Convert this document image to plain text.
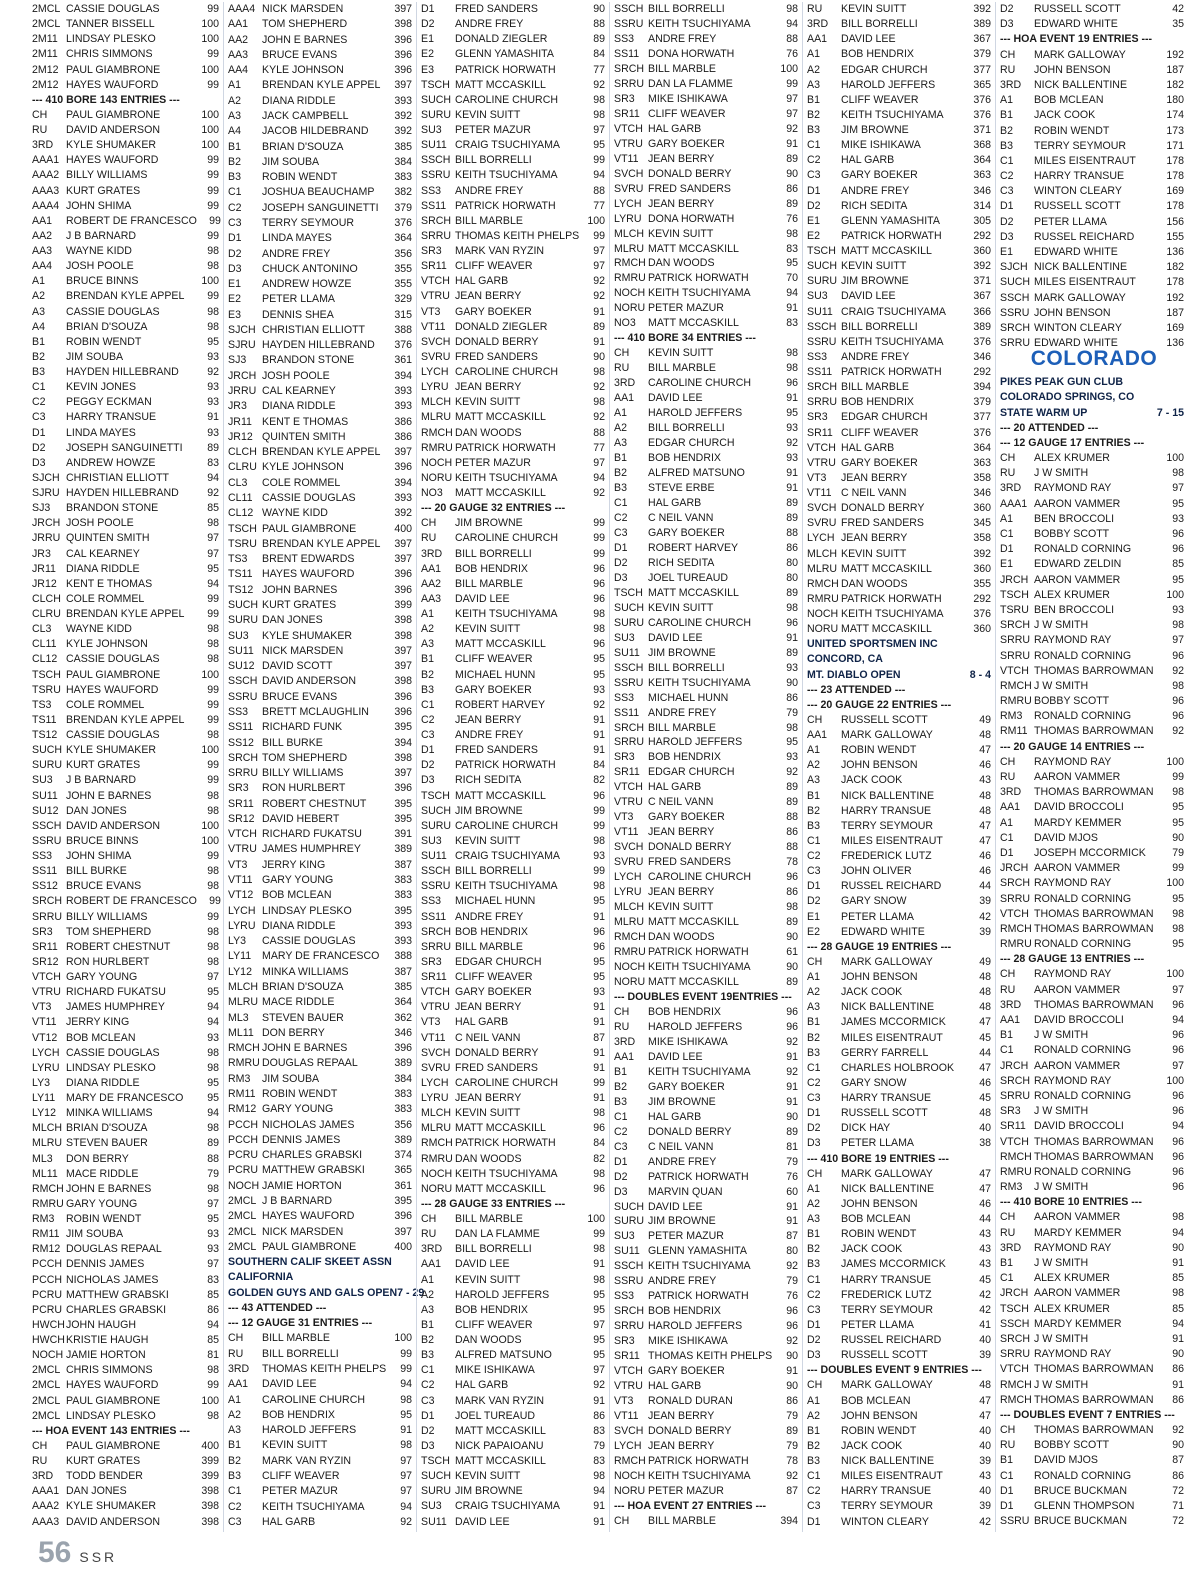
2MCL CASSIE DOUGLAS	99
2MCL TANNER BISSELL	100
2M11 LINDSAY PLESKO	100
2M11 CHRIS SIMMONS	99
2M12 PAUL GIAMBRONE	100
2M12 HAYES WAUFORD	99
--- 410 BORE 143 ENTRIES ---
CH	PAUL GIAMBRONE	100
RU	DAVID ANDERSON	100
3RD	KYLE SHUMAKER	100
AAA1 HAYES WAUFORD	99
AAA2 BILLY WILLIAMS	99
AAA3 KURT GRATES	99
AAA4 JOHN SHIMA	99
AA1	ROBERT DE FRANCESCO	99
AA2	J B BARNARD	99
AA3	WAYNE KIDD	98
AA4	JOSH POOLE	98
A1	BRUCE BINNS	100
A2	BRENDAN KYLE APPEL	99
A3	CASSIE DOUGLAS	98
A4	BRIAN D'SOUZA	98
B1	ROBIN WENDT	95
B2	JIM SOUBA	93
B3	HAYDEN HILLEBRAND	92
C1	KEVIN JONES	93
C2	PEGGY ECKMAN	93
C3	HARRY TRANSUE	91
D1	LINDA MAYES	93
D2	JOSEPH SANGUINETTI	89
D3	ANDREW HOWZE	83
SJCH CHRISTIAN ELLIOTT	94
SJRU HAYDEN HILLEBRAND	92
SJ3	BRANDON STONE	85
JRCH JOSH POOLE	98
JRRU QUINTEN SMITH	97
JR3	CAL KEARNEY	97
JR11 DIANA RIDDLE	95
JR12 KENT E THOMAS	94
CLCH COLE ROMMEL	99
CLRU BRENDAN KYLE APPEL	99
CL3	WAYNE KIDD	98
CL11 KYLE JOHNSON	98
CL12 CASSIE DOUGLAS	98
TSCH PAUL GIAMBRONE	100
TSRU HAYES WAUFORD	99
TS3	COLE ROMMEL	99
TS11 BRENDAN KYLE APPEL	99
TS12 CASSIE DOUGLAS	98
SUCH KYLE SHUMAKER	100
SURU KURT GRATES	99
SU3	J B BARNARD	99
SU11 JOHN E BARNES	98
SU12 DAN JONES	98
SSCH DAVID ANDERSON	100
SSRU BRUCE BINNS	100
SS3	JOHN SHIMA	99
SS11 BILL BURKE	98
SS12 BRUCE EVANS	98
SRCH ROBERT DE FRANCESCO	99
SRRU BILLY WILLIAMS	99
SR3	TOM SHEPHERD	98
SR11 ROBERT CHESTNUT	98
SR12 RON HURLBERT	98
VTCH GARY YOUNG	97
VTRU RICHARD FUKATSU	95
VT3	JAMES HUMPHREY	94
VT11 JERRY KING	94
VT12 BOB MCLEAN	93
LYCH CASSIE DOUGLAS	98
LYRU LINDSAY PLESKO	98
LY3	DIANA RIDDLE	95
LY11	MARY DE FRANCESCO	95
LY12 MINKA WILLIAMS	94
MLCH BRIAN D'SOUZA	98
MLRU STEVEN BAUER	89
ML3	DON BERRY	88
ML11 MACE RIDDLE	79
RMCH JOHN E BARNES	98
RMRU GARY YOUNG	97
RM3	ROBIN WENDT	95
RM11 JIM SOUBA	93
RM12 DOUGLAS REPAAL	93
PCCH DENNIS JAMES	97
PCCH NICHOLAS JAMES	83
PCRU MATTHEW GRABSKI	85
PCRU CHARLES GRABSKI	86
HWCH JOHN HAUGH	94
HWCH KRISTIE HAUGH	85
NOCH JAMIE HORTON	81
2MCL CHRIS SIMMONS	98
2MCL HAYES WAUFORD	99
2MCL PAUL GIAMBRONE	100
2MCL LINDSAY PLESKO	98
--- HOA EVENT 143 ENTRIES ---
CH	PAUL GIAMBRONE	400
RU	KURT GRATES	399
3RD	TODD BENDER	399
AAA1 DAN JONES	398
AAA2 KYLE SHUMAKER	398
AAA3 DAVID ANDERSON	398
AAA4 NICK MARSDEN	397
AA1	TOM SHEPHERD	398
AA2	JOHN E BARNES	396
AA3	BRUCE EVANS	396
AA4	KYLE JOHNSON	396
A1	BRENDAN KYLE APPEL	397
A2	DIANA RIDDLE	393
A3	JACK CAMPBELL	392
A4	JACOB HILDEBRAND	392
B1	BRIAN D'SOUZA	385
B2	JIM SOUBA	384
B3	ROBIN WENDT	383
C1	JOSHUA BEAUCHAMP	382
C2	JOSEPH SANGUINETTI	379
C3	TERRY SEYMOUR	376
D1	LINDA MAYES	364
D2	ANDRE FREY	356
D3	CHUCK ANTONINO	355
E1	ANDREW HOWZE	355
E2	PETER LLAMA	329
E3	DENNIS SHEA	315
SJCH CHRISTIAN ELLIOTT	388
SJRU HAYDEN HILLEBRAND	376
SJ3	BRANDON STONE	361
JRCH JOSH POOLE	394
JRRU CAL KEARNEY	393
JR3	DIANA RIDDLE	393
JR11 KENT E THOMAS	386
JR12 QUINTEN SMITH	386
CLCH BRENDAN KYLE APPEL	397
CLRU KYLE JOHNSON	396
CL3	COLE ROMMEL	394
CL11 CASSIE DOUGLAS	393
CL12 WAYNE KIDD	392
TSCH PAUL GIAMBRONE	400
TSRU BRENDAN KYLE APPEL	397
TS3	BRENT EDWARDS	397
TS11 HAYES WAUFORD	396
TS12 JOHN BARNES	396
SUCH KURT GRATES	399
SURU DAN JONES	398
SU3	KYLE SHUMAKER	398
SU11 NICK MARSDEN	397
SU12 DAVID SCOTT	397
SSCH DAVID ANDERSON	398
SSRU BRUCE EVANS	396
SS3	BRETT MCLAUGHLIN	396
SS11 RICHARD FUNK	395
SS12 BILL BURKE	394
SRCH TOM SHEPHERD	398
SRRU BILLY WILLIAMS	397
SR3	RON HURLBERT	396
SR11 ROBERT CHESTNUT	395
SR12 DAVID HEBERT	395
VTCH RICHARD FUKATSU	391
VTRU JAMES HUMPHREY	389
VT3	JERRY KING	387
VT11 GARY YOUNG	383
VT12 BOB MCLEAN	383
LYCH LINDSAY PLESKO	395
LYRU DIANA RIDDLE	393
LY3	CASSIE DOUGLAS	393
LY11	MARY DE FRANCESCO	388
LY12 MINKA WILLIAMS	387
MLCH BRIAN D'SOUZA	385
MLRU MACE RIDDLE	364
ML3	STEVEN BAUER	362
ML11 DON BERRY	346
RMCH JOHN E BARNES	396
RMRU DOUGLAS REPAAL	389
RM3	JIM SOUBA	384
RM11 ROBIN WENDT	383
RM12 GARY YOUNG	383
PCCH NICHOLAS JAMES	356
PCCH DENNIS JAMES	389
PCRU CHARLES GRABSKI	374
PCRU MATTHEW GRABSKI	365
NOCH JAMIE HORTON	361
2MCL J B BARNARD	395
2MCL HAYES WAUFORD	396
2MCL NICK MARSDEN	397
2MCL PAUL GIAMBRONE	400
SOUTHERN CALIF SKEET ASSN
CALIFORNIA
GOLDEN GUYS AND GALS OPEN 7 - 29
--- 43 ATTENDED ---
--- 12 GAUGE 31 ENTRIES ---
CH	BILL MARBLE	100
RU	BILL BORRELLI	99
3RD	THOMAS KEITH PHELPS	99
AA1	DAVID LEE	94
A1	CAROLINE CHURCH	98
A2	BOB HENDRIX	95
A3	HAROLD JEFFERS	91
B1	KEVIN SUITT	98
B2	MARK VAN RYZIN	97
B3	CLIFF WEAVER	97
C1	PETER MAZUR	97
C2	KEITH TSUCHIYAMA	94
C3	HAL GARB	92
D1	FRED SANDERS	90
D2	ANDRE FREY	88
E1	DONALD ZIEGLER	89
E2	GLENN YAMASHITA	84
E3	PATRICK HORWATH	77
TSCH MATT MCCASKILL	92
SUCH CAROLINE CHURCH	98
SURU KEVIN SUITT	98
SU3	PETER MAZUR	97
SU11 CRAIG TSUCHIYAMA	95
SSCH BILL BORRELLI	99
SSRU KEITH TSUCHIYAMA	94
SS3	ANDRE FREY	88
SS11 PATRICK HORWATH	77
SRCH BILL MARBLE	100
SRRU THOMAS KEITH PHELPS	99
SR3	MARK VAN RYZIN	97
SR11 CLIFF WEAVER	97
VTCH HAL GARB	92
VTRU JEAN BERRY	92
VT3	GARY BOEKER	91
VT11 DONALD ZIEGLER	89
SVCH DONALD BERRY	91
SVRU FRED SANDERS	90
LYCH CAROLINE CHURCH	98
LYRU JEAN BERRY	92
MLCH KEVIN SUITT	98
MLRU MATT MCCASKILL	92
RMCH DAN WOODS	88
RMRU PATRICK HORWATH	77
NOCH PETER MAZUR	97
NORU KEITH TSUCHIYAMA	94
NO3	MATT MCCASKILL	92
--- 20 GAUGE 32 ENTRIES ---
CH	JIM BROWNE	99
RU	CAROLINE CHURCH	99
3RD	BILL BORRELLI	99
AA1	BOB HENDRIX	96
AA2	BILL MARBLE	96
AA3	DAVID LEE	96
A1	KEITH TSUCHIYAMA	98
A2	KEVIN SUITT	98
A3	MATT MCCASKILL	96
B1	CLIFF WEAVER	95
B2	MICHAEL HUNN	95
B3	GARY BOEKER	93
C1	ROBERT HARVEY	92
C2	JEAN BERRY	91
C3	ANDRE FREY	91
D1	FRED SANDERS	91
D2	PATRICK HORWATH	84
D3	RICH SEDITA	82
TSCH MATT MCCASKILL	96
SUCH JIM BROWNE	99
SURU CAROLINE CHURCH	99
SU3	KEVIN SUITT	98
SU11 CRAIG TSUCHIYAMA	93
SSCH BILL BORRELLI	99
SSRU KEITH TSUCHIYAMA	98
SS3	MICHAEL HUNN	95
SS11 ANDRE FREY	91
SRCH BOB HENDRIX	96
SRRU BILL MARBLE	96
SR3	EDGAR CHURCH	95
SR11 CLIFF WEAVER	95
VTCH GARY BOEKER	93
VTRU JEAN BERRY	91
VT3	HAL GARB	91
VT11 C NEIL VANN	87
SVCH DONALD BERRY	91
SVRU FRED SANDERS	91
LYCH CAROLINE CHURCH	99
LYRU JEAN BERRY	91
MLCH KEVIN SUITT	98
MLRU MATT MCCASKILL	96
RMCH PATRICK HORWATH	84
RMRU DAN WOODS	82
NOCH KEITH TSUCHIYAMA	98
NORU MATT MCCASKILL	96
--- 28 GAUGE 33 ENTRIES ---
CH	BILL MARBLE	100
RU	DAN LA FLAMME	99
3RD	BILL BORRELLI	98
AA1	DAVID LEE	91
A1	KEVIN SUITT	98
A2	HAROLD JEFFERS	95
A3	BOB HENDRIX	95
B1	CLIFF WEAVER	97
B2	DAN WOODS	95
B3	ALFRED MATSUNO	95
C1	MIKE ISHIKAWA	97
C2	HAL GARB	92
C3	MARK VAN RYZIN	91
D1	JOEL TUREAUD	86
D2	MATT MCCASKILL	83
D3	NICK PAPAIOANU	79
TSCH MATT MCCASKILL	83
SUCH KEVIN SUITT	98
SURU JIM BROWNE	94
SU3	CRAIG TSUCHIYAMA	91
SU11 DAVID LEE	91
SSCH BILL BORRELLI	98
SSRU KEITH TSUCHIYAMA	94
SS3	ANDRE FREY	88
SS11 DONA HORWATH	76
SRCH BILL MARBLE	100
SRRU DAN LA FLAMME	99
SR3	MIKE ISHIKAWA	97
SR11 CLIFF WEAVER	97
VTCH HAL GARB	92
VTRU GARY BOEKER	91
VT11 JEAN BERRY	89
SVCH DONALD BERRY	90
SVRU FRED SANDERS	86
LYCH JEAN BERRY	89
LYRU DONA HORWATH	76
MLCH KEVIN SUITT	98
MLRU MATT MCCASKILL	83
RMCH DAN WOODS	95
RMRU PATRICK HORWATH	70
NOCH KEITH TSUCHIYAMA	94
NORU PETER MAZUR	91
NO3	MATT MCCASKILL	83
--- 410 BORE 34 ENTRIES ---
CH	KEVIN SUITT	98
RU	BILL MARBLE	98
3RD	CAROLINE CHURCH	96
AA1	DAVID LEE	91
A1	HAROLD JEFFERS	95
A2	BILL BORRELLI	93
A3	EDGAR CHURCH	92
B1	BOB HENDRIX	93
B2	ALFRED MATSUNO	91
B3	STEVE ERBE	91
C1	HAL GARB	89
C2	C NEIL VANN	89
C3	GARY BOEKER	88
D1	ROBERT HARVEY	86
D2	RICH SEDITA	80
D3	JOEL TUREAUD	80
TSCH MATT MCCASKILL	89
SUCH KEVIN SUITT	98
SURU CAROLINE CHURCH	96
SU3	DAVID LEE	91
SU11 JIM BROWNE	89
SSCH BILL BORRELLI	93
SSRU KEITH TSUCHIYAMA	90
SS3	MICHAEL HUNN	86
SS11 ANDRE FREY	79
SRCH BILL MARBLE	98
SRRU HAROLD JEFFERS	95
SR3	BOB HENDRIX	93
SR11 EDGAR CHURCH	92
VTCH HAL GARB	89
VTRU C NEIL VANN	89
VT3	GARY BOEKER	88
VT11 JEAN BERRY	86
SVCH DONALD BERRY	88
SVRU FRED SANDERS	78
LYCH CAROLINE CHURCH	96
LYRU JEAN BERRY	86
MLCH KEVIN SUITT	98
MLRU MATT MCCASKILL	89
RMCH DAN WOODS	90
RMRU PATRICK HORWATH	61
NOCH KEITH TSUCHIYAMA	90
NORU MATT MCCASKILL	89
--- DOUBLES EVENT 19ENTRIES ---
CH	BOB HENDRIX	96
RU	HAROLD JEFFERS	96
3RD	MIKE ISHIKAWA	92
AA1	DAVID LEE	91
B1	KEITH TSUCHIYAMA	92
B2	GARY BOEKER	91
B3	JIM BROWNE	91
C1	HAL GARB	90
C2	DONALD BERRY	89
C3	C NEIL VANN	81
D1	ANDRE FREY	79
D2	PATRICK HORWATH	76
D3	MARVIN QUAN	60
SUCH DAVID LEE	91
SURU JIM BROWNE	91
SU3	PETER MAZUR	87
SU11 GLENN YAMASHITA	80
SSCH KEITH TSUCHIYAMA	92
SSRU ANDRE FREY	79
SS3	PATRICK HORWATH	76
SRCH BOB HENDRIX	96
SRRU HAROLD JEFFERS	96
SR3	MIKE ISHIKAWA	92
SR11 THOMAS KEITH PHELPS	90
VTCH GARY BOEKER	91
VTRU HAL GARB	90
VT3	RONALD DURAN	86
VT11 JEAN BERRY	79
SVCH DONALD BERRY	89
LYCH JEAN BERRY	79
RMCH PATRICK HORWATH	78
NOCH KEITH TSUCHIYAMA	92
NORU PETER MAZUR	87
--- HOA EVENT 27 ENTRIES ---
CH	BILL MARBLE	394
RU	KEVIN SUITT	392
3RD	BILL BORRELLI	389
AA1	DAVID LEE	367
A1	BOB HENDRIX	379
A2	EDGAR CHURCH	377
A3	HAROLD JEFFERS	365
B1	CLIFF WEAVER	376
B2	KEITH TSUCHIYAMA	376
B3	JIM BROWNE	371
C1	MIKE ISHIKAWA	368
C2	HAL GARB	364
C3	GARY BOEKER	363
D1	ANDRE FREY	346
D2	RICH SEDITA	314
E1	GLENN YAMASHITA	305
E2	PATRICK HORWATH	292
TSCH MATT MCCASKILL	360
SUCH KEVIN SUITT	392
SURU JIM BROWNE	371
SU3	DAVID LEE	367
SU11 CRAIG TSUCHIYAMA	366
SSCH BILL BORRELLI	389
SSRU KEITH TSUCHIYAMA	376
SS3	ANDRE FREY	346
SS11 PATRICK HORWATH	292
SRCH BILL MARBLE	394
SRRU BOB HENDRIX	379
SR3	EDGAR CHURCH	377
SR11 CLIFF WEAVER	376
VTCH HAL GARB	364
VTRU GARY BOEKER	363
VT3	JEAN BERRY	358
VT11 C NEIL VANN	346
SVCH DONALD BERRY	360
SVRU FRED SANDERS	345
LYCH JEAN BERRY	358
MLCH KEVIN SUITT	392
MLRU MATT MCCASKILL	360
RMCH DAN WOODS	355
RMRU PATRICK HORWATH	292
NOCH KEITH TSUCHIYAMA	376
NORU MATT MCCASKILL	360
UNITED SPORTSMEN INC
CONCORD, CA
MT. DIABLO OPEN	8 - 4
--- 23 ATTENDED ---
--- 20 GAUGE 22 ENTRIES ---
CH	RUSSELL SCOTT	49
AA1	MARK GALLOWAY	48
A1	ROBIN WENDT	47
A2	JOHN BENSON	46
A3	JACK COOK	43
B1	NICK BALLENTINE	48
B2	HARRY TRANSUE	48
B3	TERRY SEYMOUR	47
C1	MILES EISENTRAUT	47
C2	FREDERICK LUTZ	46
C3	JOHN OLIVER	46
D1	RUSSEL REICHARD	44
D2	GARY SNOW	39
E1	PETER LLAMA	42
E2	EDWARD WHITE	39
--- 28 GAUGE 19 ENTRIES ---
CH	MARK GALLOWAY	49
A1	JOHN BENSON	48
A2	JACK COOK	48
A3	NICK BALLENTINE	48
B1	JAMES MCCORMICK	47
B2	MILES EISENTRAUT	45
B3	GERRY FARRELL	44
C1	CHARLES HOLBROOK	47
C2	GARY SNOW	46
C3	HARRY TRANSUE	45
D1	RUSSELL SCOTT	48
D2	DICK HAY	40
D3	PETER LLAMA	38
--- 410 BORE 19 ENTRIES ---
CH	MARK GALLOWAY	47
A1	NICK BALLENTINE	47
A2	JOHN BENSON	46
A3	BOB MCLEAN	44
B1	ROBIN WENDT	43
B2	JACK COOK	43
B3	JAMES MCCORMICK	43
C1	HARRY TRANSUE	45
C2	FREDERICK LUTZ	42
C3	TERRY SEYMOUR	42
D1	PETER LLAMA	41
D2	RUSSEL REICHARD	40
D3	RUSSELL SCOTT	39
--- DOUBLES EVENT 9 ENTRIES ---
CH	MARK GALLOWAY	48
A1	BOB MCLEAN	47
A2	JOHN BENSON	47
B1	ROBIN WENDT	40
B2	JACK COOK	40
B3	NICK BALLENTINE	39
C1	MILES EISENTRAUT	43
C2	HARRY TRANSUE	40
C3	TERRY SEYMOUR	39
D1	WINTON CLEARY	42
D2	RUSSELL SCOTT	42
D3	EDWARD WHITE	35
--- HOA EVENT 19 ENTRIES ---
CH	MARK GALLOWAY	192
RU	JOHN BENSON	187
3RD	NICK BALLENTINE	182
A1	BOB MCLEAN	180
B1	JACK COOK	174
B2	ROBIN WENDT	173
B3	TERRY SEYMOUR	171
C1	MILES EISENTRAUT	178
C2	HARRY TRANSUE	178
C3	WINTON CLEARY	169
D1	RUSSELL SCOTT	178
D2	PETER LLAMA	156
D3	RUSSEL REICHARD	155
E1	EDWARD WHITE	136
SJCH NICK BALLENTINE	182
SUCH MILES EISENTRAUT	178
SSCH MARK GALLOWAY	192
SSRU JOHN BENSON	187
SRCH WINTON CLEARY	169
SRRU EDWARD WHITE	136
COLORADO
PIKES PEAK GUN CLUB
COLORADO SPRINGS, CO
STATE WARM UP	7 - 15
--- 20 ATTENDED ---
--- 12 GAUGE 17 ENTRIES ---
CH	ALEX KRUMER	100
RU	J W SMITH	98
3RD	RAYMOND RAY	97
AAA1 AARON VAMMER	95
A1	BEN BROCCOLI	93
C1	BOBBY SCOTT	96
D1	RONALD CORNING	96
E1	EDWARD ZELDIN	85
JRCH AARON VAMMER	95
TSCH ALEX KRUMER	100
TSRU BEN BROCCOLI	93
SRCH J W SMITH	98
SRRU RAYMOND RAY	97
SRRU RONALD CORNING	96
VTCH THOMAS BARROWMAN	92
RMCH J W SMITH	98
RMRU BOBBY SCOTT	96
RM3	RONALD CORNING	96
RM11 THOMAS BARROWMAN	92
--- 20 GAUGE 14 ENTRIES ---
CH	RAYMOND RAY	100
RU	AARON VAMMER	99
3RD	THOMAS BARROWMAN	98
AA1	DAVID BROCCOLI	95
A1	MARDY KEMMER	95
C1	DAVID MJOS	90
D1	JOSEPH MCCORMICK	79
JRCH AARON VAMMER	99
SRCH RAYMOND RAY	100
SRRU RONALD CORNING	95
VTCH THOMAS BARROWMAN	98
RMCH THOMAS BARROWMAN	98
RMRU RONALD CORNING	95
--- 28 GAUGE 13 ENTRIES ---
CH	RAYMOND RAY	100
RU	AARON VAMMER	97
3RD	THOMAS BARROWMAN	96
AA1	DAVID BROCCOLI	94
B1	J W SMITH	96
C1	RONALD CORNING	96
JRCH AARON VAMMER	97
SRCH RAYMOND RAY	100
SRRU RONALD CORNING	96
SR3	J W SMITH	96
SR11 DAVID BROCCOLI	94
VTCH THOMAS BARROWMAN	96
RMCH THOMAS BARROWMAN	96
RMRU RONALD CORNING	96
RM3	J W SMITH	96
--- 410 BORE 10 ENTRIES ---
CH	AARON VAMMER	98
RU	MARDY KEMMER	94
3RD	RAYMOND RAY	90
B1	J W SMITH	91
C1	ALEX KRUMER	85
JRCH AARON VAMMER	98
TSCH ALEX KRUMER	85
SSCH MARDY KEMMER	94
SRCH J W SMITH	91
SRRU RAYMOND RAY	90
VTCH THOMAS BARROWMAN	86
RMCH J W SMITH	91
RMCH THOMAS BARROWMAN	86
--- DOUBLES EVENT 7 ENTRIES ---
CH	THOMAS BARROWMAN	92
RU	BOBBY SCOTT	90
B1	DAVID MJOS	87
C1	RONALD CORNING	86
D1	BRUCE BUCKMAN	72
D1	GLENN THOMPSON	71
SSRU BRUCE BUCKMAN	72
56 SSR
